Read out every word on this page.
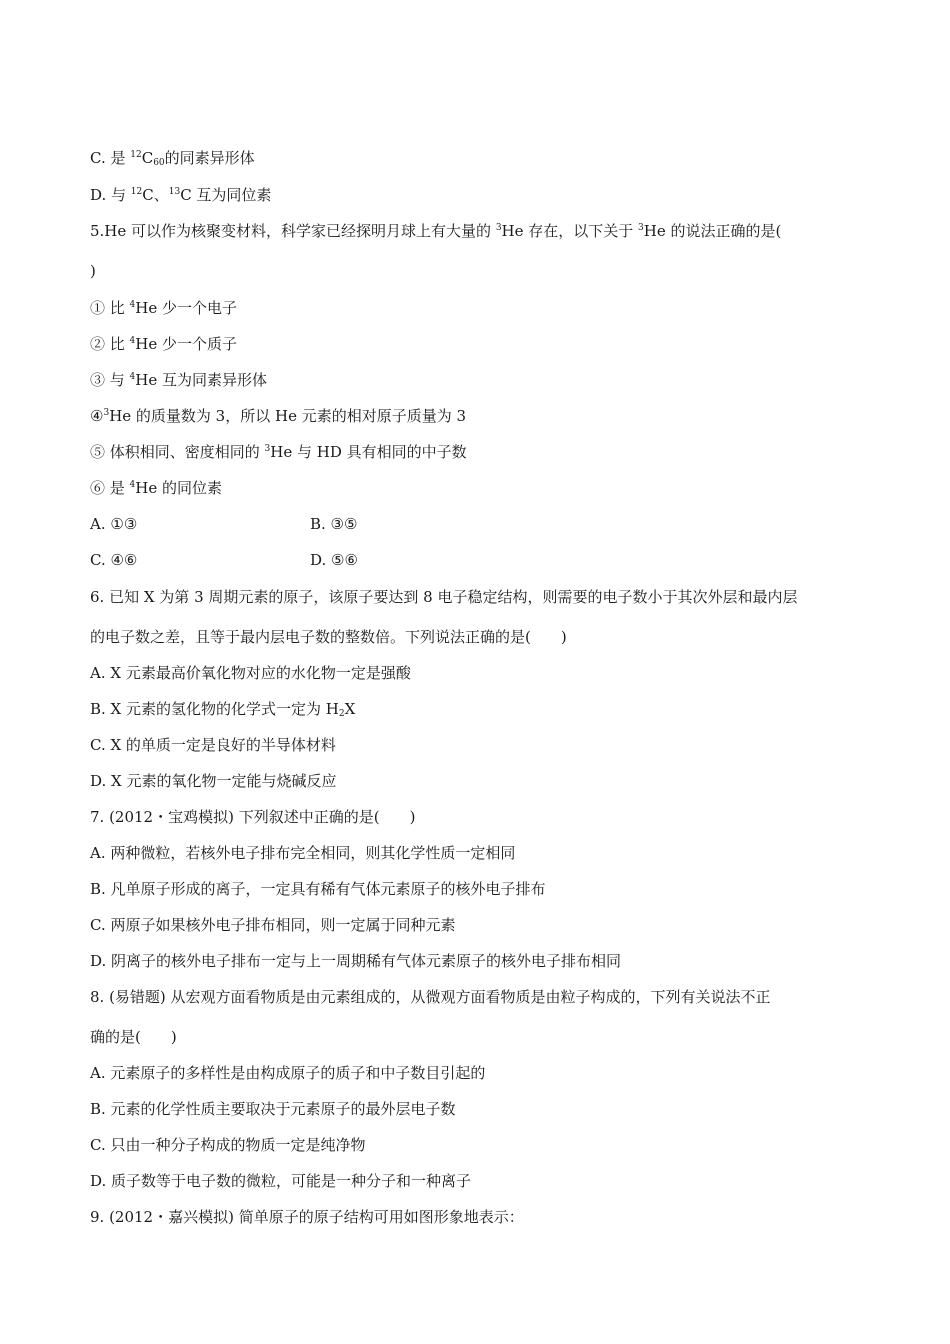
C. 是 $^{12}C_{60}$的同素异形体
D. 与 $^{12}$C、$^{13}$C 互为同位素
5.He 可以作为核聚变材料，科学家已经探明月球上有大量的 $^3$He 存在，以下关于 $^3$He 的说法正确的是(
)
① 比 $^4$He 少一个电子
② 比 $^4$He 少一个质子
③ 与 $^4$He 互为同素异形体
④$^3$He 的质量数为 3，所以 He 元素的相对原子质量为 3
⑤ 体积相同、密度相同的 $^3$He 与 HD 具有相同的中子数
⑥ 是 $^4$He 的同位素
A. ①③	B. ③⑤
C. ④⑥	D. ⑤⑥
6. 已知 X 为第 3 周期元素的原子，该原子要达到 8 电子稳定结构，则需要的电子数小于其次外层和最内层
的电子数之差，且等于最内层电子数的整数倍。下列说法正确的是(　　)
A. X 元素最高价氧化物对应的水化物一定是强酸
B. X 元素的氢化物的化学式一定为 $H_2X$
C. X 的单质一定是良好的半导体材料
D. X 元素的氧化物一定能与烧碱反应
7. (2012・宝鸡模拟) 下列叙述中正确的是(　　)
A. 两种微粒，若核外电子排布完全相同，则其化学性质一定相同
B. 凡单原子形成的离子，一定具有稀有气体元素原子的核外电子排布
C. 两原子如果核外电子排布相同，则一定属于同种元素
D. 阴离子的核外电子排布一定与上一周期稀有气体元素原子的核外电子排布相同
8. (易错题) 从宏观方面看物质是由元素组成的，从微观方面看物质是由粒子构成的，下列有关说法不正
确的是(　　)
A. 元素原子的多样性是由构成原子的质子和中子数目引起的
B. 元素的化学性质主要取决于元素原子的最外层电子数
C. 只由一种分子构成的物质一定是纯净物
D. 质子数等于电子数的微粒，可能是一种分子和一种离子
9. (2012・嘉兴模拟) 简单原子的原子结构可用如图形象地表示：
